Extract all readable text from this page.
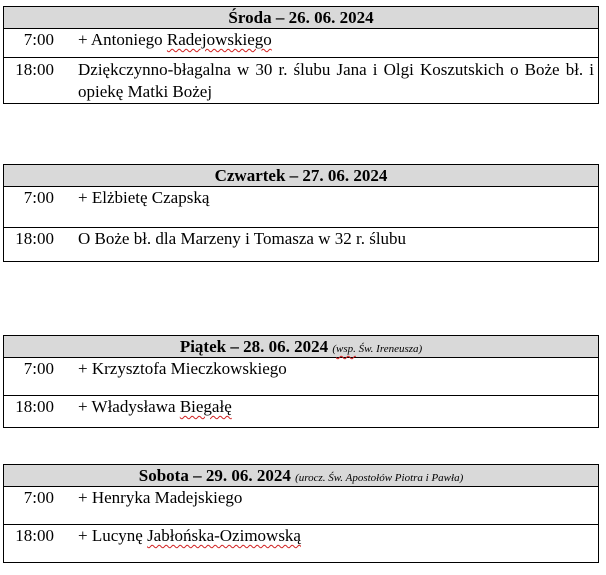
Środa – 26. 06. 2024
7:00	+ Antoniego Radejowskiego
18:00	Dziękczynno-błagalna w 30 r. ślubu Jana i Olgi Koszutskich o Boże bł. i opiekę Matki Bożej
Czwartek – 27. 06. 2024
7:00	+ Elżbietę Czapską
18:00	O Boże bł. dla Marzeny i Tomasza w 32 r. ślubu
Piątek – 28. 06. 2024 (wsp. Św. Ireneusza)
7:00	+ Krzysztofa Mieczkowskiego
18:00	+ Władysława Biegałę
Sobota – 29. 06. 2024 (urocz. Św. Apostołów Piotra i Pawła)
7:00	+ Henryka Madejskiego
18:00	+ Lucynę Jabłońska-Ozimowską
